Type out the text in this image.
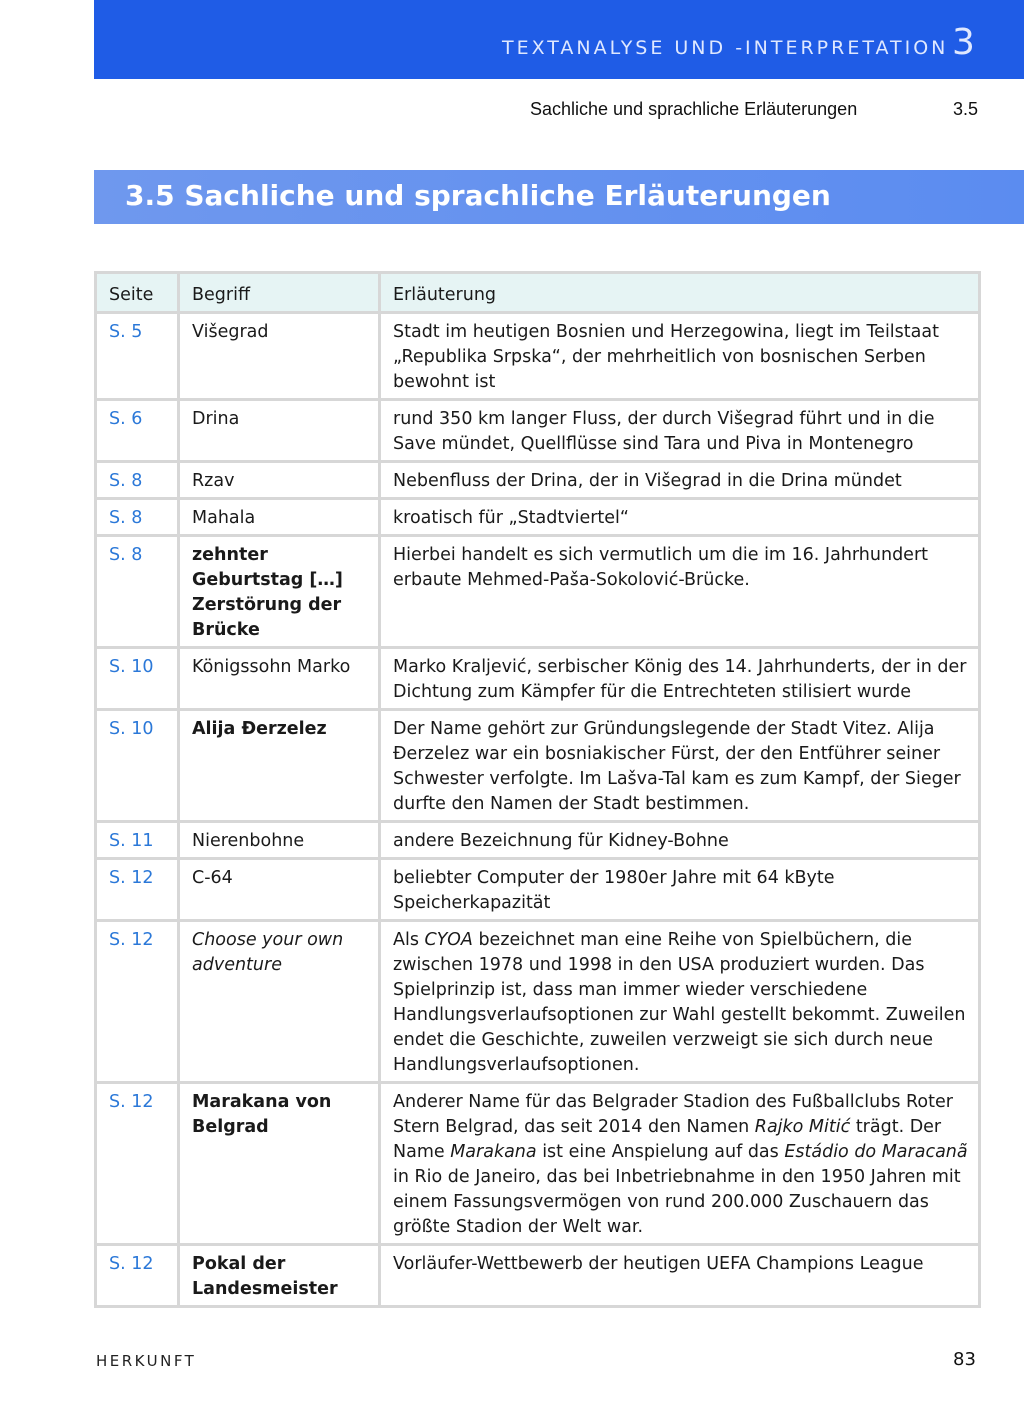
TEXTANALYSE UND -INTERPRETATION 3
Sachliche und sprachliche Erläuterungen	3.5
3.5 Sachliche und sprachliche Erläuterungen
Seite	Begriff	Erläuterung
S. 5	Višegrad	Stadt im heutigen Bosnien und Herzegowina, liegt im Teilstaat „Republika Srpska“, der mehrheitlich von bosnischen Serben bewohnt ist
S. 6	Drina	rund 350 km langer Fluss, der durch Višegrad führt und in die Save mündet, Quellflüsse sind Tara und Piva in Montenegro
S. 8	Rzav	Nebenfluss der Drina, der in Višegrad in die Drina mündet
S. 8	Mahala	kroatisch für „Stadtviertel“
S. 8	zehnter Geburtstag […] Zerstörung der Brücke	Hierbei handelt es sich vermutlich um die im 16. Jahrhundert erbaute Mehmed-Paša-Sokolović-Brücke.
S. 10	Königssohn Marko	Marko Kraljević, serbischer König des 14. Jahrhunderts, der in der Dichtung zum Kämpfer für die Entrechteten stilisiert wurde
S. 10	Alija Đerzelez	Der Name gehört zur Gründungslegende der Stadt Vitez. Alija Đerzelez war ein bosniakischer Fürst, der den Entführer seiner Schwester verfolgte. Im Lašva-Tal kam es zum Kampf, der Sieger durfte den Namen der Stadt bestimmen.
S. 11	Nierenbohne	andere Bezeichnung für Kidney-Bohne
S. 12	C-64	beliebter Computer der 1980er Jahre mit 64 kByte Speicherkapazität
S. 12	Choose your own adventure	Als CYOA bezeichnet man eine Reihe von Spielbüchern, die zwischen 1978 und 1998 in den USA produziert wurden. Das Spielprinzip ist, dass man immer wieder verschiedene Handlungsverlaufsoptionen zur Wahl gestellt bekommt. Zuweilen endet die Geschichte, zuweilen verzweigt sie sich durch neue Handlungsverlaufsoptionen.
S. 12	Marakana von Belgrad	Anderer Name für das Belgrader Stadion des Fußballclubs Roter Stern Belgrad, das seit 2014 den Namen Rajko Mitić trägt. Der Name Marakana ist eine Anspielung auf das Estádio do Maracanã in Rio de Janeiro, das bei Inbetriebnahme in den 1950 Jahren mit einem Fassungsvermögen von rund 200.000 Zuschauern das größte Stadion der Welt war.
S. 12	Pokal der Landesmeister	Vorläufer-Wettbewerb der heutigen UEFA Champions League
HERKUNFT	83
